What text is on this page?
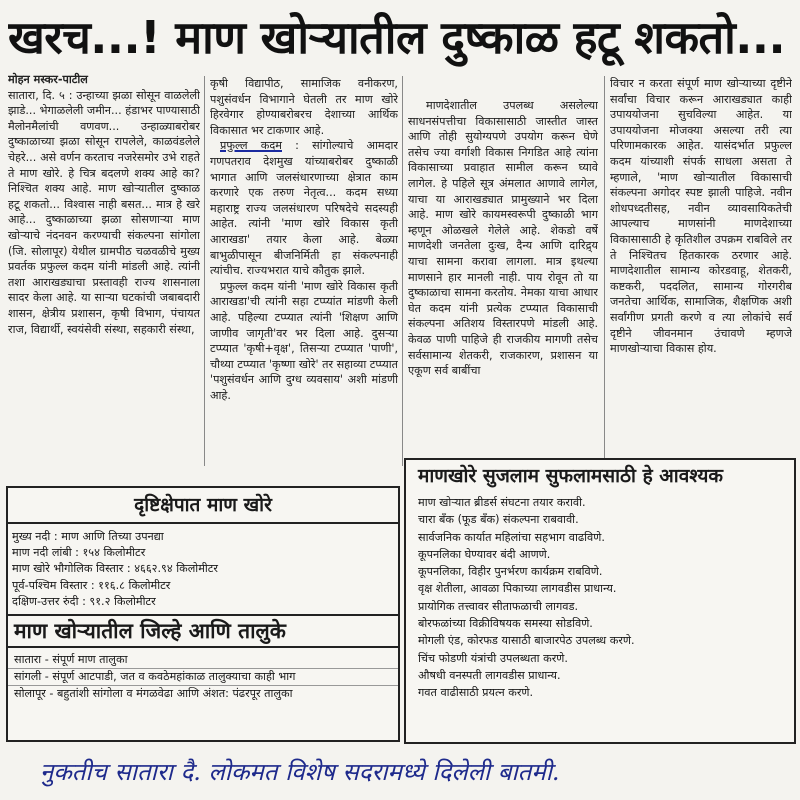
खरच...! माण खोऱ्यातील दुष्काळ हटू शकतो...

मोहन मस्कर-पाटील

सातारा, दि. ५ : उन्हाच्या झळा सोसून वाळलेली झाडे... भेगाळलेली जमीन... हंडाभर पाण्यासाठी मैलोनमैलांची वणवण... उन्हाळ्याबरोबर दुष्काळाच्या झळा सोसून रापलेले, काळवंडलेले चेहरे... असे वर्णन करताच नजरेसमोर उभे राहते ते माण खोरे. हे चित्र बदलणे शक्य आहे का? निश्चित शक्य आहे. माण खोऱ्यातील दुष्काळ हटू शकतो... विश्वास नाही बसत... मात्र हे खरे आहे... दुष्काळाच्या झळा सोसणाऱ्या माण खोऱ्याचे नंदनवन करण्याची संकल्पना सांगोला (जि. सोलापूर) येथील ग्रामपीठ चळवळीचे मुख्य प्रवर्तक प्रफुल्ल कदम यांनी मांडली आहे. त्यांनी तशा आराखड्याचा प्रस्तावही राज्य शासनाला सादर केला आहे. या साऱ्या घटकांची जबाबदारी शासन, क्षेत्रीय प्रशासन, कृषी विभाग, पंचायत राज, विद्यार्थी, स्वयंसेवी संस्था, सहकारी संस्था,

कृषी विद्यापीठ, सामाजिक वनीकरण, पशुसंवर्धन विभागाने घेतली तर माण खोरे हिरवेगार होण्याबरोबरच देशाच्या आर्थिक विकासात भर टाकणार आहे.

प्रफुल्ल कदम : सांगोल्याचे आमदार गणपतराव देशमुख यांच्याबरोबर दुष्काळी भागात आणि जलसंधारणाच्या क्षेत्रात काम करणारे एक तरुण नेतृत्व... कदम सध्या महाराष्ट्र राज्य जलसंधारण परिषदेचे सदस्यही आहेत. त्यांनी 'माण खोरे विकास कृती आराखडा' तयार केला आहे. बेळ्या बाभुळीपासून बीजनिर्मिती हा संकल्पनाही त्यांचीच. राज्यभरात याचे कौतुक झाले.

प्रफुल्ल कदम यांनी 'माण खोरे विकास कृती आराखडा'ची त्यांनी सहा टप्प्यांत मांडणी केली आहे. पहिल्या टप्प्यात त्यांनी 'शिक्षण आणि जाणीव जागृती'वर भर दिला आहे. दुसऱ्या टप्प्यात 'कृषी+वृक्ष', तिसऱ्या टप्प्यात 'पाणी', चौथ्या टप्प्यात 'कृष्णा खोरे' तर सहाव्या टप्प्यात 'पशुसंवर्धन आणि दुग्ध व्यवसाय' अशी मांडणी आहे.

माणदेशातील उपलब्ध असलेल्या साधनसंपत्तीचा विकासासाठी जास्तीत जास्त आणि तोही सुयोग्यपणे उपयोग करून घेणे तसेच ज्या वर्गाशी विकास निगडित आहे त्यांना विकासाच्या प्रवाहात सामील करून घ्यावे लागेल. हे पहिले सूत्र अंमलात आणावे लागेल, याचा या आराखड्यात प्रामुख्याने भर दिला आहे. माण खोरे कायमस्वरूपी दुष्काळी भाग म्हणून ओळखले गेलेले आहे. शेकडो वर्षे माणदेशी जनतेला दुःख, दैन्य आणि दारिद्र्य याचा सामना करावा लागला. मात्र इथल्या माणसाने हार मानली नाही. पाय रोवून तो या दुष्काळाचा सामना करतोय. नेमका याचा आधार घेत कदम यांनी प्रत्येक टप्प्यात विकासाची संकल्पना अतिशय विस्तारपणे मांडली आहे. केवळ पाणी पाहिजे ही राजकीय मागणी तसेच सर्वसामान्य शेतकरी, राजकारण, प्रशासन या एकूण सर्व बाबींचा

विचार न करता संपूर्ण माण खोऱ्याच्या दृष्टीने सर्वांचा विचार करून आराखड्यात काही उपाययोजना सुचविल्या आहेत. या उपाययोजना मोजक्या असल्या तरी त्या परिणामकारक आहेत. यासंदर्भात प्रफुल्ल कदम यांच्याशी संपर्क साधला असता ते म्हणाले, 'माण खोऱ्यातील विकासाची संकल्पना अगोदर स्पष्ट झाली पाहिजे. नवीन शोधपध्दतीसह, नवीन व्यावसायिकतेची आपल्याच माणसांनी माणदेशाच्या विकासासाठी हे कृतिशील उपक्रम राबविले तर ते निश्चितच हितकारक ठरणार आहे. माणदेशातील सामान्य कोरडवाहू, शेतकरी, कष्टकरी, पददलित, सामान्य गोरगरीब जनतेचा आर्थिक, सामाजिक, शैक्षणिक अशी सर्वांगीण प्रगती करणे व त्या लोकांचे सर्व दृष्टीने जीवनमान उंचावणे म्हणजे माणखोऱ्याचा विकास होय.

दृष्टिक्षेपात माण खोरे
मुख्य नदी : माण आणि तिच्या उपनद्या
माण नदी लांबी : १५४ किलोमीटर
माण खोरे भौगोलिक विस्तार : ४६६२.९४ किलोमीटर
पूर्व-पश्चिम विस्तार : ११६.८ किलोमीटर
दक्षिण-उत्तर रुंदी : ९१.२ किलोमीटर
माण खोऱ्यातील जिल्हे आणि तालुके
सातारा - संपूर्ण माण तालुका
सांगली - संपूर्ण आटपाडी, जत व कवठेमहांकाळ तालुक्याचा काही भाग
सोलापूर - बहुतांशी सांगोला व मंगळवेढा आणि अंशत: पंढरपूर तालुका
माणखोरे सुजलाम सुफलामसाठी हे आवश्यक
माण खोऱ्यात ब्रीडर्स संघटना तयार करावी.
चारा बँक (फूड बँक) संकल्पना राबवावी.
सार्वजनिक कार्यात महिलांचा सहभाग वाढविणे.
कूपनलिका घेण्यावर बंदी आणणे.
कूपनलिका, विहीर पुनर्भरण कार्यक्रम राबविणे.
वृक्ष शेतीला, आवळा पिकाच्या लागवडीस प्राधान्य.
प्रायोगिक तत्त्वावर सीताफळाची लागवड.
बोरफळांच्या विक्रीविषयक समस्या सोडविणे.
मोगली एंड, कोरफड यासाठी बाजारपेठ उपलब्ध करणे.
चिंच फोडणी यंत्रांची उपलब्धता करणे.
औषधी वनस्पती लागवडीस प्राधान्य.
गवत वाढीसाठी प्रयत्न करणे.
नुकतीच सातारा दै. लोकमत विशेष सदरामध्ये दिलेली बातमी.
